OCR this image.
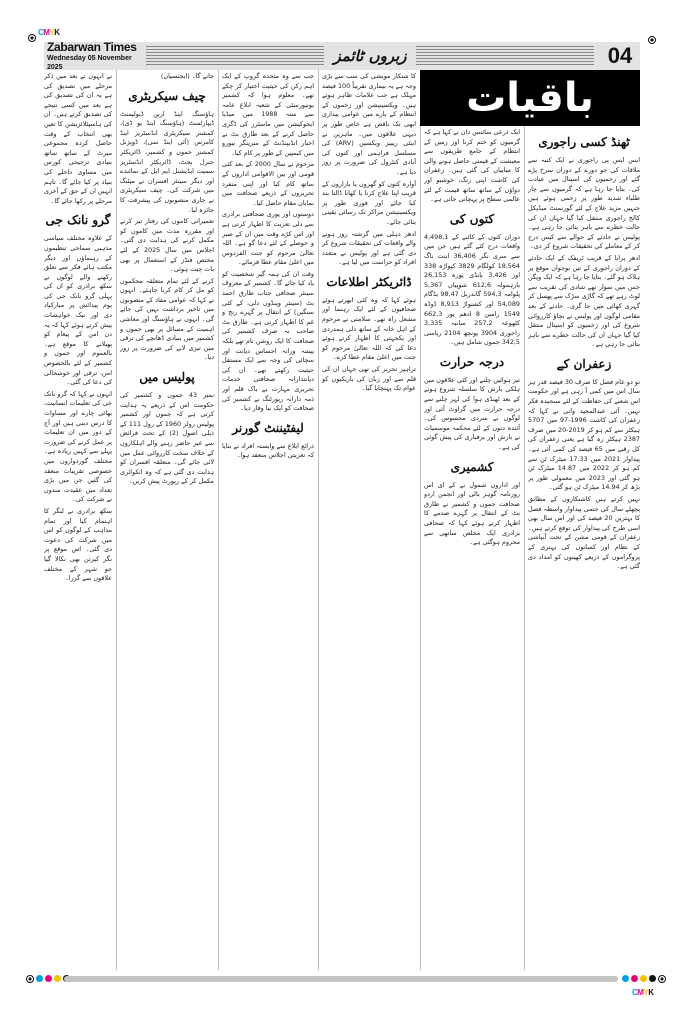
CMYK
Zabarwan Times
Wednesday 05 November 2025
زبروں ٹائمز	04
باقیات
ٹھنڈ کسی راجوری

ایس ایس پی راجوری نے ایک کنبہ سے ملاقات کی جو دورے کے دوران سرخ پڑے گئے اور زخمیوں کی اسپتال میں عیادت کی۔ بتایا جا رہا ہے کہ گرمیوں سے چار طلباء شدید طور پر زخمی ہوئے ہیں جنہیں مزید علاج کے لئے گورنمنٹ میڈیکل کالج راجوری منتقل کیا گیا جہاں ان کی حالت خطرے سے باہر بتائی جا رہی ہے۔ پولیس نے حادثے کے حوالے سے کیس درج کر کے معاملے کی تحقیقات شروع کر دی۔

ادھر پرانا کے قریب ٹریفک کے ایک حادثے کے دوران راجوری کے تین نوجوان موقع پر ہلاک ہو گئے۔ بتایا جا رہا ہے کہ ایک ویگن جس میں سوار تھے شادی کی تقریب سے لوٹ رہے تھے کہ گاڑی سڑک سے پھسل کر گہری کھائی میں جا گری۔ حادثے کے بعد مقامی لوگوں اور پولیس نے بچاؤ کارروائی شروع کی اور زخمیوں کو اسپتال منتقل کیا گیا جہاں ان کی حالت خطرے سے باہر بتائی جا رہی ہے۔

زعفران کے

تو دو عام فصل کا صرف 30 فیصد قدر ہر سال اس میں کمی آ رہی ہے اور حکومت اس شعبے کی حفاظت کے لئے سنجیدہ فکر نہیں۔ آئی عبدالمجید وانی نے کہا کہ زعفران کی کاشت 1996-97 میں 5707 ہیکٹر سے کم ہو کر 2019-20 میں صرف 2387 ہیکٹر رہ گیا ہے یعنی زعفران کی کل رقبے میں 65 فیصد کی کمی آئی ہے۔ پیداوار 2021 میں 17.33 میٹرک ٹن سے کم ہو کر 2022 میں 14.87 میٹرک ٹن ہو گئی اور 2023 میں معمولی طور پر بڑھ کر 14.94 میٹرک ٹن ہو گئی۔

نہیں کرتے ہیں کاشتکاروں کے مطابق پچھلے سال کی حتمی پیداوار واسطہ فصل کا بہترین 20 فیصد کی اور اس سال بھی اسی طرح کی پیداوار کی توقع کرتے ہیں۔ زعفران کے قومی مشن کے تحت آبپاشی کے نظام اور کسانوں کی بہتری کے پروگراموں کے ذریعے کھیتوں کو امداد دی گئی ہے۔

ایک ذرعی سائنس دان نے کہا ہے کہ گرمیوں کو ختم کرنا اور زمین کے انتظام کے جامع طریقوں سے معیشت کے قیمتی حاصل ہونے والی کا میابیاں کی گئی ہیں۔ زعفران کی کاشت اپنی رنگ، خوشبو اور دواؤں کے ساتھ ساتھ قیمت کے لئے عالمی سطح پر پہچانی جاتی ہے۔

کتوں کی

دوران کتوں کے کاٹنے کے 4,498,1 واقعات درج کئے گئے ہیں جن میں سے سری نگر 36,406 اننت ناگ 18,564 کولگام 3829 کپواڑہ 338 اور 3,426 بانڈی پورہ 26,153 بارہمولہ 612,6 شوپیاں 5,367 پلوامہ 594,3 گاندربل 98,47 بڈگام 54,089 اور کشتواڑ 8,913 ڈوڈہ 1549 رامبن 8 ادھم پور 662,3 کٹھوعہ 257,2 سانبہ 3,335 راجوری 3904 پونچھ 2104 ریاسی 342,5 جموں شامل ہیں۔

درجہ حرارت

تیز ہوائیں چلنے اور کئی علاقوں میں ہلکی بارش کا سلسلہ شروع ہونے کے بعد ٹھنڈی ہوا کی لہر چلنے سے درجہ حرارت میں گراوٹ آئی اور لوگوں نے سردی محسوس کی۔ آئندہ دنوں کے لئے محکمہ موسمیات نے بارش اور برفباری کی پیش گوئی کی ہے۔

کشمیری

اور اداروں شمول نے کے ای اس روزنامہ گوہر بالی اور انجمن اردو صحافت جموں و کشمیر نے طارق بٹ کے انتقال پر گہرے صدمے کا اظہار کرتے ہوئے کہا کہ صحافی برادری ایک مخلص ساتھی سے محروم ہوگئی ہے۔

کا شتکار مویشی کی سب سے بڑی وجہ ہے یہ بیماری تقریباً 100 فیصد مہلک ہے جب علامات ظاہر ہوتے ہیں۔ ویکسینیشن اور زخموں کے انتظام کے بارے میں عوامی بیداری ابھی تک ناقص ہے خاص طور پر دیہی علاقوں میں۔ ماہرین نے اینٹی ریبیز ویکسین (ARV) کی مسلسل فراہمی اور کتوں کی آبادی کنٹرول کی ضرورت پر زور دیا ہے۔

آوارہ کتوں کو گھروں یا بازاروں کے قریب اپنا علاج کرنا یا کھانا ڈالنا بند کیا جائے اور فوری طور پر ویکسینیشن مراکز تک رسائی یقینی بنائی جائے۔

ادھر دہلی میں گزشتہ روز ہونے والے واقعات کی تحقیقات شروع کر دی گئی ہے اور پولیس نے متعدد افراد کو حراست میں لیا ہے۔

ڈائریکٹر اطلاعات

ہوئے کہا کہ وہ کئی ابھرتے ہوئے صحافیوں کے لئے ایک رہنما اور مشعل راہ تھے۔ سلامتی نے مرحوم کے اہل خانہ کے ساتھ دلی ہمدردی اور یکجہتی کا اظہار کرتے ہوئے دعا کی کہ اللہ تعالیٰ مرحوم کو جنت میں اعلیٰ مقام عطا کرے۔

تراہیر تحریر کی تھی جہاں ان کی قلم سے اور زبان کی باریکیوں کو عوام تک پہنچایا گیا۔

جب سے وہ متحدہ گروپ کے ایک اہم رکن کی حیثیت اختیار کر چکے تھے۔ معلوم ہوا کہ کشمیر یونیورسٹی کے شعبہ ابلاغ عامہ سے سنہ 1988 میں میڈیا ایجوکیشن میں ماسٹرز کی ڈگری حاصل کرنے کے بعد طارق بٹ نے اخبار انڈیپنڈنٹ کے سرینگر بیورو میں کیمپین کے طور پر کام کیا۔

مرحوم نے سال 2000 کے بعد کئی قومی اور بین الاقوامی اداروں کے ساتھ کام کیا اور اپنی منفرد تحریروں کے ذریعے صحافت میں نمایاں مقام حاصل کیا۔

دوستوں اور پوری صحافتی برادری سے دلی تعزیت کا اظہار کرتی ہے اور اس کڑے وقت میں ان کے صبر و حوصلے کے لئے دعا گو ہے۔ اللہ تعالیٰ مرحوم کو جنت الفردوس میں اعلیٰ مقام عطا فرمائے۔

وقت ان کی ہمہ گیر شخصیت کو یاد کیا جائے گا۔ کشمیر کے معروف سینئر صحافی جناب طارق احمد بٹ (سینئر وینڈوں دلی، کے کئی سنگین) کے انتقال پر گہرے رنج و غم کا اظہار کرتی ہے۔ طارق بٹ صاحب نہ صرف کشمیر کی صحافت کا ایک روشن نام تھے بلکہ پیشہ ورانہ احساس دیانت اور سچائی کی وجہ سے ایک مستقل حیثیت رکھتے تھے۔ ان کی دیانتدارانہ صحافتی خدمات تحریری مہارت بے باک قلم اور ذمہ دارانہ رپورٹنگ نے کشمیر کی صحافت کو ایک نیا وقار دیا۔

لیفٹیننٹ گورنر

ذرائع ابلاغ سے وابستہ افراد نے بتایا کہ تعزیتی اجلاس منعقد ہوا۔

جانے گا۔ (ایجنسیاں)

چیف سیکریٹری

ہاؤسنگ اینڈ اربن ڈیولپمنٹ ڈیپارٹمنٹ (ہاؤسنگ اینڈ یو ڈی)، کمشنر سیکریٹری انڈسٹریز اینڈ کامرس (آئی اینڈ سی)، ڈویژنل کمشنر جموں و کشمیر، ڈائریکٹر جنرل بجٹ، ڈائریکٹر انڈسٹریز سمیت ایڈیشنل ایم ایل کے نمائندے اور دیگر سینئر افسران نے میٹنگ میں شرکت کی۔ چیف سیکریٹری نے جاری منصوبوں کی پیشرفت کا جائزہ لیا۔

تعمیراتی کاموں کی رفتار تیز کرنے اور مقررہ مدت میں کاموں کو مکمل کرنے کی ہدایت دی گئی۔ اجلاس میں سال 2025 کے لئے مختص فنڈز کے استعمال پر بھی بات چیت ہوئی۔

کرنے کے لئے تمام متعلقہ محکموں کو مل کر کام کرنا چاہئے۔ انہوں نے کہا کہ عوامی مفاد کے منصوبوں میں تاخیر برداشت نہیں کی جائے گی۔ انہوں نے ہاؤسنگ اور معاشی اہمیت کے مسائل پر بھی جموں و کشمیر میں بنیادی ڈھانچے کی ترقی میں تیزی لانے کی ضرورت پر زور دیا۔

پولیس میں

نمبر 43 جموں و کشمیر کی حکومت اس کے ذریعے یہ ہدایت کرتی ہے کہ جموں اور کشمیر پولیس رولز 1960 کے رول 111 کے ذیلی اصول (2) کے تحت فرائض سے غیر حاضر رہنے والے اہلکاروں کے خلاف سخت کارروائی عمل میں لائی جائے گی۔ متعلقہ افسران کو ہدایت دی گئی ہے کہ وہ انکوائری مکمل کر کے رپورٹ پیش کریں۔

نے انہوں نے بعد میں ذکر مرحلے میں تصدیق کی ہے یہ ان کی تصدیق کی ہے بعد میں کسی نتیجے کی تصدیق کرتے ہیں۔ ان کی ہاسپٹلائزیشن کا تعین بھی انتخاب کے وقت حاصل کردہ مجموعی میرٹ کے ساتھ ساتھ بنیادی ترجیحی کورس میں مساوی داخلے کی بنیاد پر کیا جائے گا۔ تاہم انہیں ان کے حق کے آخری مرحلے پر رکھا جائے گا۔

گرو نانک جی

کے علاوہ مختلف سیاسی مذہبی سماجی تنظیموں کے رہنماؤں اور دیگر مکتب ہائے فکر سے تعلق رکھنے والے لوگوں نے سکھ برادری کو ان کی پہلی گرو نانک جی کی یوم پیدائش پر مبارکباد دی اور نیک خواہشات پیش کرتے ہوئے کہا کہ یہ دن امن کے پیغام کو پھیلانے کا موقع ہے۔ بالعموم اور جموں و کشمیر کے لئے بالخصوص امن، ترقی اور خوشحالی کی دعا کی گئی۔

انہوں نے کہا کہ گرو نانک جی کی تعلیمات انسانیت، بھائی چارے اور مساوات کا درس دیتی ہیں اور آج کے دور میں ان تعلیمات پر عمل کرنے کی ضرورت پہلے سے کہیں زیادہ ہے۔ مختلف گوردواروں میں خصوصی تقریبات منعقد کی گئیں جن میں بڑی تعداد میں عقیدت مندوں نے شرکت کی۔

سکھ برادری نے لنگر کا اہتمام کیا اور تمام مذاہب کے لوگوں کو اس میں شرکت کی دعوت دی گئی۔ اس موقع پر نگر کیرتن بھی نکالا گیا جو شہر کے مختلف علاقوں سے گزرا۔

CMYK
